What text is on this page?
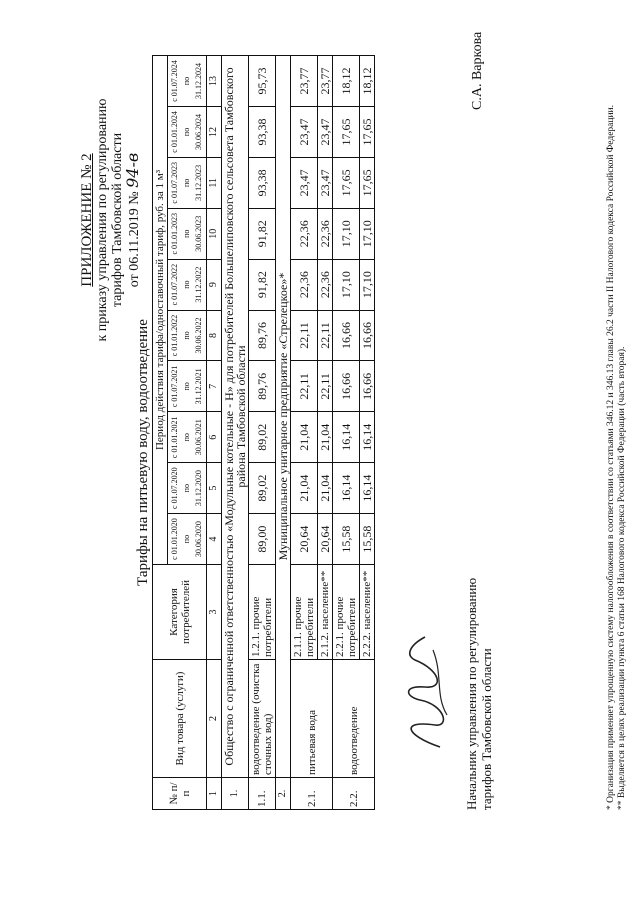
ПРИЛОЖЕНИЕ № 2 к приказу управления по регулированию тарифов Тамбовской области от 06.11.2019 № 94-в
Тарифы на питьевую воду, водоотведение
№ п/п	Вид товара (услуги)	Категория потребителей	Период действия тарифа/одноставочный тариф, руб. за 1 м³									
			с 01.01.2020 по 30.06.2020	с 01.07.2020 по 31.12.2020	с 01.01.2021 по 30.06.2021	с 01.07.2021 по 31.12.2021	с 01.01.2022 по 30.06.2022	с 01.07.2022 по 31.12.2022	с 01.01.2023 по 30.06.2023	с 01.07.2023 по 31.12.2023	с 01.01.2024 по 30.06.2024	с 01.07.2024 по 31.12.2024
1	2	3	4	5	6	7	8	9	10	11	12	13
1.	Общество с ограниченной ответственностью «Модульные котельные - Н» для потребителей Большелиповского сельсовета Тамбовского района Тамбовской области											
1.1.	водоотведение (очистка сточных вод)	1.2.1. прочие потребители	89,00	89,02	89,02	89,76	89,76	91,82	91,82	93,38	93,38	95,73
2.	Муниципальное унитарное предприятие «Стрелецкое»*											
2.1.	питьевая вода	2.1.1. прочие потребители	20,64	21,04	21,04	22,11	22,11	22,36	22,36	23,47	23,47	23,77
		2.1.2. население**	20,64	21,04	21,04	22,11	22,11	22,36	22,36	23,47	23,47	23,77
2.2.	водоотведение	2.2.1. прочие потребители	15,58	16,14	16,14	16,66	16,66	17,10	17,10	17,65	17,65	18,12
		2.2.2. население**	15,58	16,14	16,14	16,66	16,66	17,10	17,10	17,65	17,65	18,12
Начальник управления по регулированию тарифов Тамбовской области
С.А. Варкова
* Организация применяет упрощенную систему налогообложения в соответствии со статьями 346.12 и 346.13 главы 26.2 части II Налогового кодекса Российской Федерации. ** Выделяется в целях реализации пункта 6 статьи 168 Налогового кодекса Российской Федерации (часть вторая).
